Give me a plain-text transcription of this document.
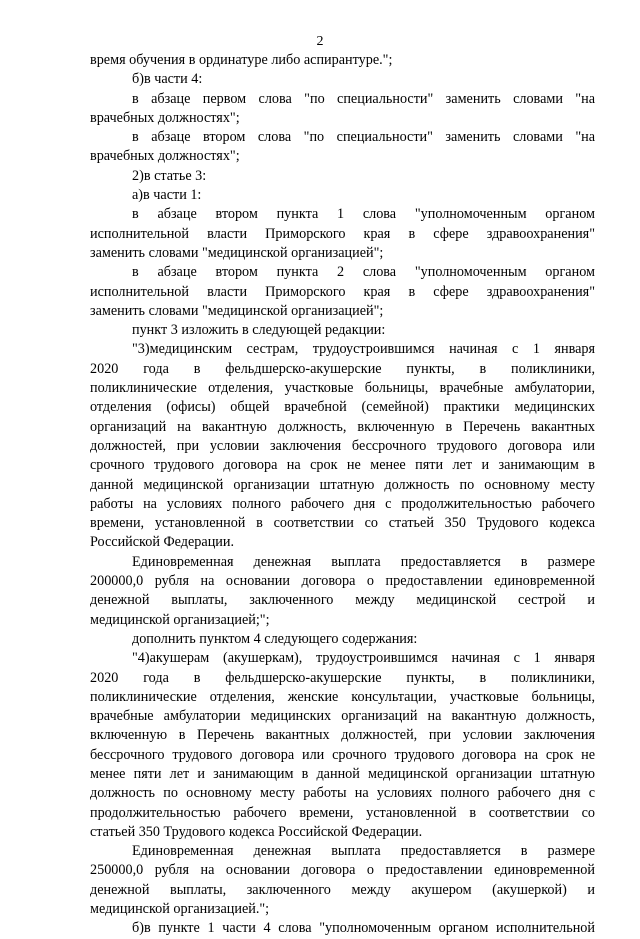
2
время обучения в ординатуре либо аспирантуре.";
б)в части 4:
в абзаце первом слова "по специальности" заменить словами "на
врачебных должностях";
в абзаце втором слова "по специальности" заменить словами "на
врачебных должностях";
2)в статье 3:
а)в части 1:
в абзаце втором пункта 1 слова "уполномоченным органом
исполнительной власти Приморского края в сфере здравоохранения"
заменить словами "медицинской организацией";
в абзаце втором пункта 2 слова "уполномоченным органом
исполнительной власти Приморского края в сфере здравоохранения"
заменить словами "медицинской организацией";
пункт 3 изложить в следующей редакции:
"3)медицинским сестрам, трудоустроившимся начиная с 1 января
2020 года в фельдшерско-акушерские пункты, в поликлиники,
поликлинические отделения, участковые больницы, врачебные амбулатории,
отделения (офисы) общей врачебной (семейной) практики медицинских
организаций на вакантную должность, включенную в Перечень вакантных
должностей, при условии заключения бессрочного трудового договора или
срочного трудового договора на срок не менее пяти лет и занимающим в
данной медицинской организации штатную должность по основному месту
работы на условиях полного рабочего дня с продолжительностью рабочего
времени, установленной в соответствии со статьей 350 Трудового кодекса
Российской Федерации.
Единовременная денежная выплата предоставляется в размере
200000,0 рубля на основании договора о предоставлении единовременной
денежной выплаты, заключенного между медицинской сестрой и
медицинской организацией;";
дополнить пунктом 4 следующего содержания:
"4)акушерам (акушеркам), трудоустроившимся начиная с 1 января
2020 года в фельдшерско-акушерские пункты, в поликлиники,
поликлинические отделения, женские консультации, участковые больницы,
врачебные амбулатории медицинских организаций на вакантную должность,
включенную в Перечень вакантных должностей, при условии заключения
бессрочного трудового договора или срочного трудового договора на срок не
менее пяти лет и занимающим в данной медицинской организации штатную
должность по основному месту работы на условиях полного рабочего дня с
продолжительностью рабочего времени, установленной в соответствии со
статьей 350 Трудового кодекса Российской Федерации.
Единовременная денежная выплата предоставляется в размере
250000,0 рубля на основании договора о предоставлении единовременной
денежной выплаты, заключенного между акушером (акушеркой) и
медицинской организацией.";
б)в пункте 1 части 4 слова "уполномоченным органом исполнительной
